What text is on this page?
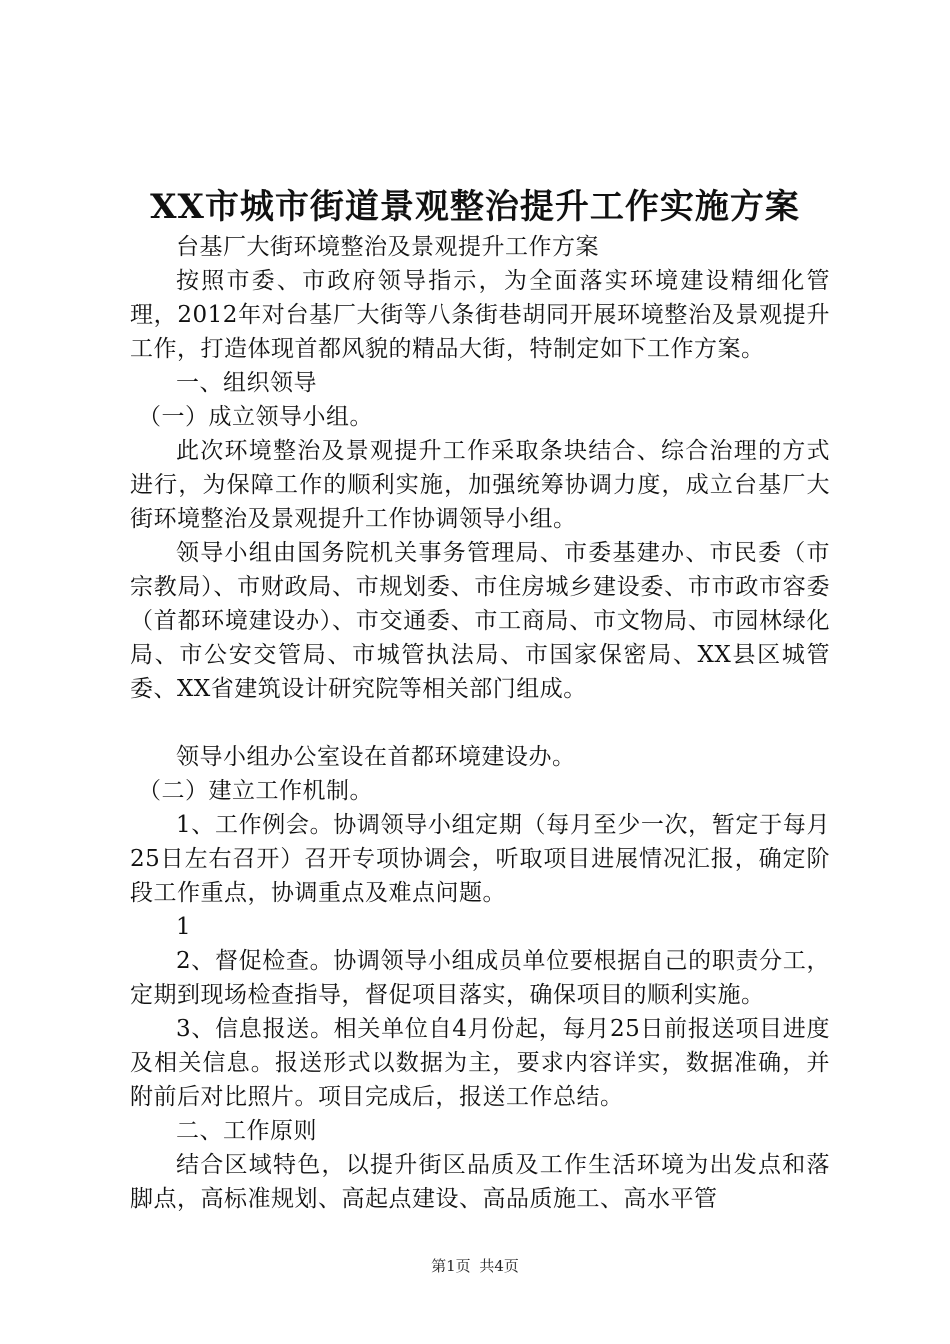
XX市城市街道景观整治提升工作实施方案

台基厂大街环境整治及景观提升工作方案

按照市委、市政府领导指示，为全面落实环境建设精细化管理，2012年对台基厂大街等八条街巷胡同开展环境整治及景观提升工作，打造体现首都风貌的精品大街，特制定如下工作方案。

一、组织领导

（一）成立领导小组。

此次环境整治及景观提升工作采取条块结合、综合治理的方式进行，为保障工作的顺利实施，加强统筹协调力度，成立台基厂大街环境整治及景观提升工作协调领导小组。

领导小组由国务院机关事务管理局、市委基建办、市民委（市宗教局）、市财政局、市规划委、市住房城乡建设委、市市政市容委（首都环境建设办）、市交通委、市工商局、市文物局、市园林绿化局、市公安交管局、市城管执法局、市国家保密局、XX县区城管委、XX省建筑设计研究院等相关部门组成。

领导小组办公室设在首都环境建设办。

（二）建立工作机制。

1、工作例会。协调领导小组定期（每月至少一次，暂定于每月25日左右召开）召开专项协调会，听取项目进展情况汇报，确定阶段工作重点，协调重点及难点问题。

1

2、督促检查。协调领导小组成员单位要根据自己的职责分工，定期到现场检查指导，督促项目落实，确保项目的顺利实施。

3、信息报送。相关单位自4月份起，每月25日前报送项目进度及相关信息。报送形式以数据为主，要求内容详实，数据准确，并附前后对比照片。项目完成后，报送工作总结。

二、工作原则

结合区域特色，以提升街区品质及工作生活环境为出发点和落脚点，高标准规划、高起点建设、高品质施工、高水平管

第1页 共4页
